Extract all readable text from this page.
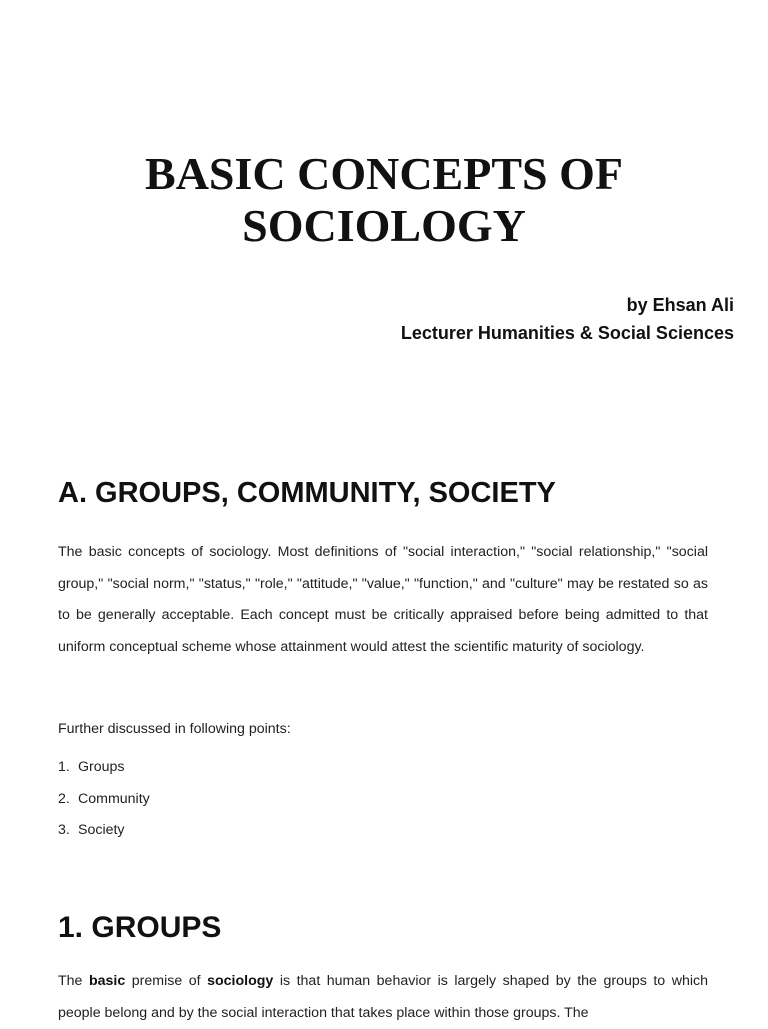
BASIC CONCEPTS OF
SOCIOLOGY
by Ehsan Ali
Lecturer Humanities & Social Sciences
A. GROUPS, COMMUNITY, SOCIETY

The basic concepts of sociology. Most definitions of "social interaction," "social relationship," "social group," "social norm," "status," "role," "attitude," "value," "function," and "culture" may be restated so as to be generally acceptable. Each concept must be critically appraised before being admitted to that uniform conceptual scheme whose attainment would attest the scientific maturity of sociology.

Further discussed in following points:

1. Groups
2. Community
3. Society
1. GROUPS

The basic premise of sociology is that human behavior is largely shaped by the groups to which people belong and by the social interaction that takes place within those groups. The
